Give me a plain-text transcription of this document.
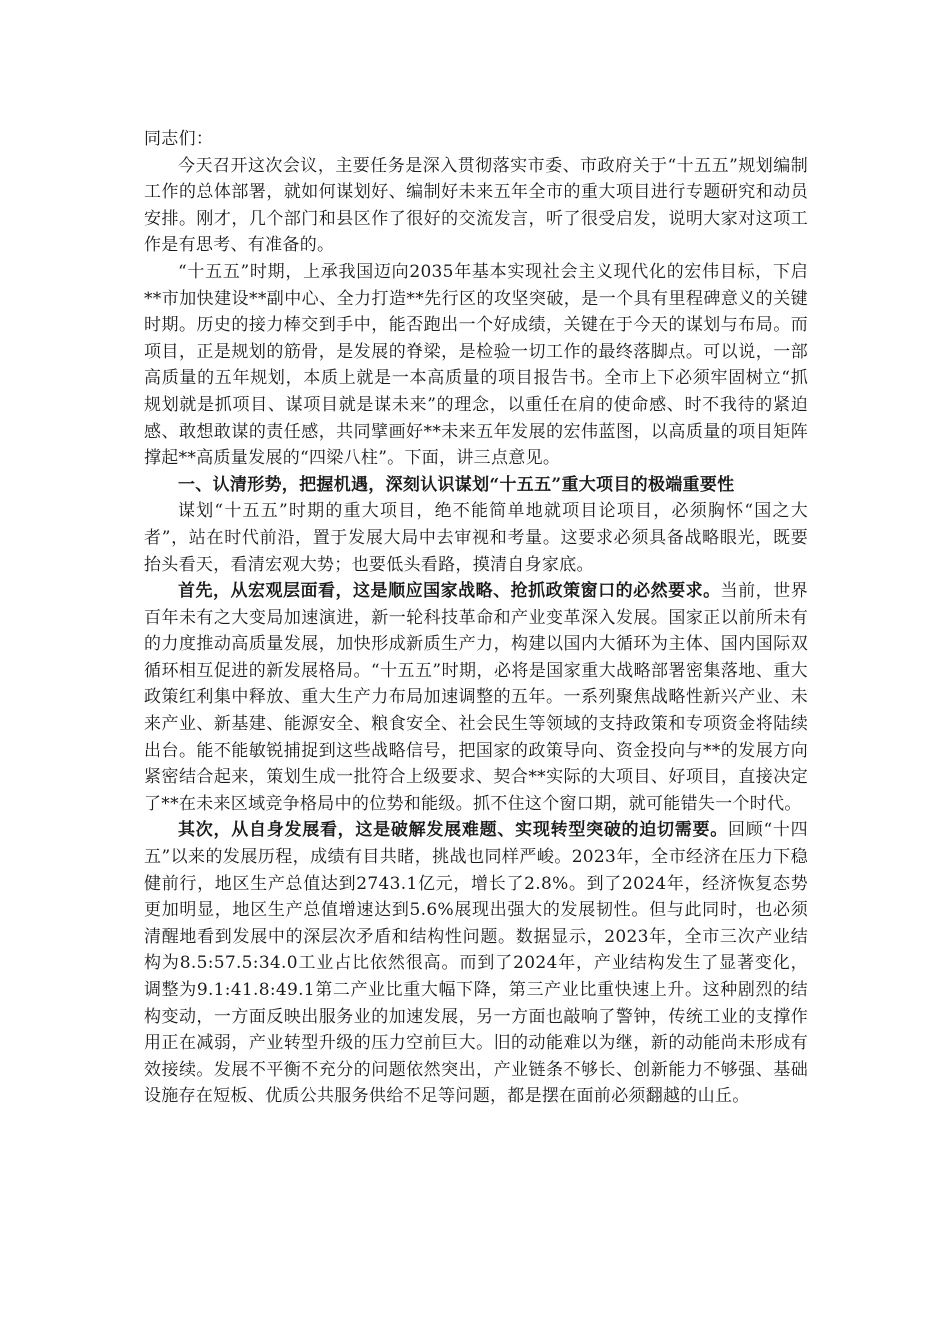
同志们：

今天召开这次会议，主要任务是深入贯彻落实市委、市政府关于“十五五”规划编制工作的总体部署，就如何谋划好、编制好未来五年全市的重大项目进行专题研究和动员安排。刚才，几个部门和县区作了很好的交流发言，听了很受启发，说明大家对这项工作是有思考、有准备的。

“十五五”时期，上承我国迈向2035年基本实现社会主义现代化的宏伟目标，下启**市加快建设**副中心、全力打造**先行区的攻坚突破，是一个具有里程碑意义的关键时期。历史的接力棒交到手中，能否跑出一个好成绩，关键在于今天的谋划与布局。而项目，正是规划的筋骨，是发展的脊梁，是检验一切工作的最终落脚点。可以说，一部高质量的五年规划，本质上就是一本高质量的项目报告书。全市上下必须牢固树立“抓规划就是抓项目、谋项目就是谋未来”的理念，以重任在肩的使命感、时不我待的紧迫感、敢想敢谋的责任感，共同擘画好**未来五年发展的宏伟蓝图，以高质量的项目矩阵撑起**高质量发展的“四梁八柱”。下面，讲三点意见。

一、认清形势，把握机遇，深刻认识谋划“十五五”重大项目的极端重要性

谋划“十五五”时期的重大项目，绝不能简单地就项目论项目，必须胸怀“国之大者”，站在时代前沿，置于发展大局中去审视和考量。这要求必须具备战略眼光，既要抬头看天，看清宏观大势；也要低头看路，摸清自身家底。

首先，从宏观层面看，这是顺应国家战略、抢抓政策窗口的必然要求。当前，世界百年未有之大变局加速演进，新一轮科技革命和产业变革深入发展。国家正以前所未有的力度推动高质量发展，加快形成新质生产力，构建以国内大循环为主体、国内国际双循环相互促进的新发展格局。“十五五”时期，必将是国家重大战略部署密集落地、重大政策红利集中释放、重大生产力布局加速调整的五年。一系列聚焦战略性新兴产业、未来产业、新基建、能源安全、粮食安全、社会民生等领域的支持政策和专项资金将陆续出台。能不能敏锐捕捉到这些战略信号，把国家的政策导向、资金投向与**的发展方向紧密结合起来，策划生成一批符合上级要求、契合**实际的大项目、好项目，直接决定了**在未来区域竞争格局中的位势和能级。抓不住这个窗口期，就可能错失一个时代。

其次，从自身发展看，这是破解发展难题、实现转型突破的迫切需要。回顾“十四五”以来的发展历程，成绩有目共睹，挑战也同样严峻。2023年，全市经济在压力下稳健前行，地区生产总值达到2743.1亿元，增长了2.8%。到了2024年，经济恢复态势更加明显，地区生产总值增速达到5.6%展现出强大的发展韧性。但与此同时，也必须清醒地看到发展中的深层次矛盾和结构性问题。数据显示，2023年，全市三次产业结构为8.5:57.5:34.0工业占比依然很高。而到了2024年，产业结构发生了显著变化，调整为9.1:41.8:49.1第二产业比重大幅下降，第三产业比重快速上升。这种剧烈的结构变动，一方面反映出服务业的加速发展，另一方面也敲响了警钟，传统工业的支撑作用正在减弱，产业转型升级的压力空前巨大。旧的动能难以为继，新的动能尚未形成有效接续。发展不平衡不充分的问题依然突出，产业链条不够长、创新能力不够强、基础设施存在短板、优质公共服务供给不足等问题，都是摆在面前必须翻越的山丘。
